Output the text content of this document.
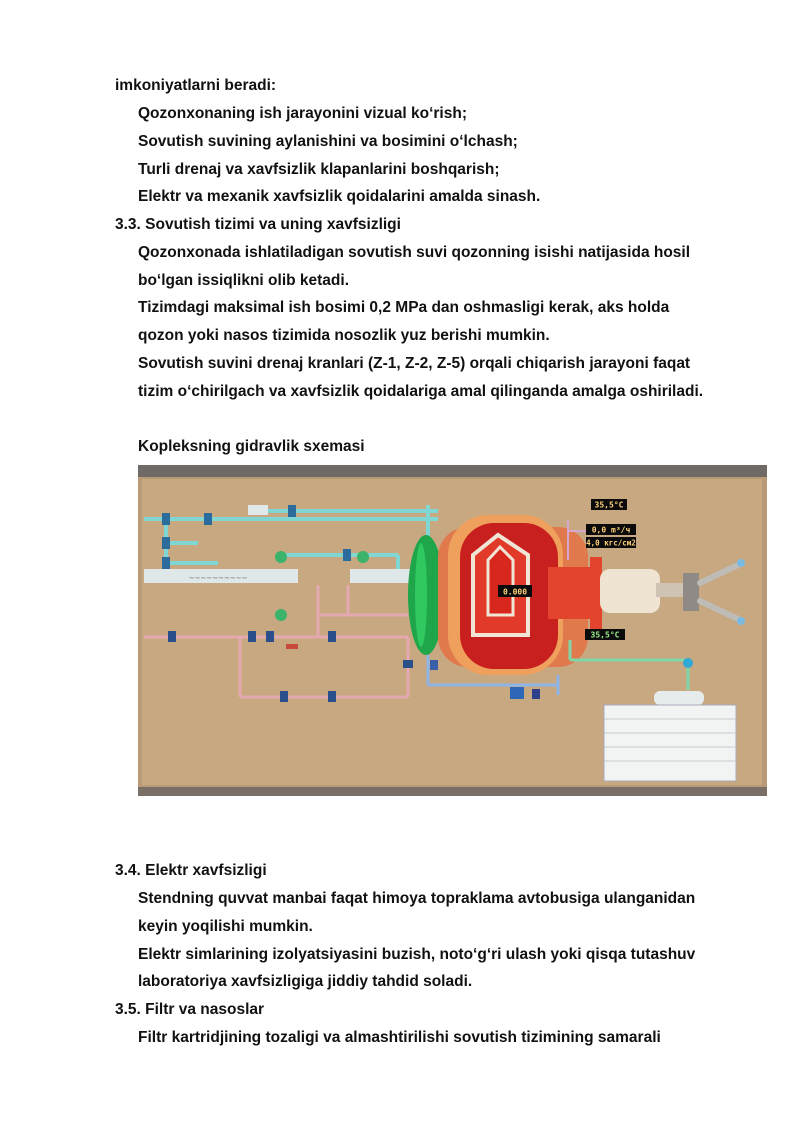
imkoniyatlarni beradi:
Qozonxonaning ish jarayonini vizual ko‘rish;
Sovutish suvining aylanishini va bosimini o‘lchash;
Turli drenaj va xavfsizlik klapanlarini boshqarish;
Elektr va mexanik xavfsizlik qoidalarini amalda sinash.
3.3. Sovutish tizimi va uning xavfsizligi
Qozonxonada ishlatiladigan sovutish suvi qozonning isishi natijasida hosil
bo‘lgan issiqlikni olib ketadi.
Tizimdagi maksimal ish bosimi 0,2 MPa dan oshmasligi kerak, aks holda
qozon yoki nasos tizimida nosozlik yuz berishi mumkin.
Sovutish suvini drenaj kranlari (Z-1, Z-2, Z-5) orqali chiqarish jarayoni faqat
tizim o‘chirilgach va xavfsizlik qoidalariga amal qilinganda amalga oshiriladi.
Kopleksning gidravlik sxemasi
~~~~~~~~~~
0.000
35,5°C
0,0 m³/ч
4,0 кгс/см2
35,5°C
3.4. Elektr xavfsizligi
Stendning quvvat manbai faqat himoya topraklama avtobusiga ulanganidan
keyin yoqilishi mumkin.
Elektr simlarining izolyatsiyasini buzish, noto‘g‘ri ulash yoki qisqa tutashuv
laboratoriya xavfsizligiga jiddiy tahdid soladi.
3.5. Filtr va nasoslar
Filtr kartridjining tozaligi va almashtirilishi sovutish tizimining samarali
